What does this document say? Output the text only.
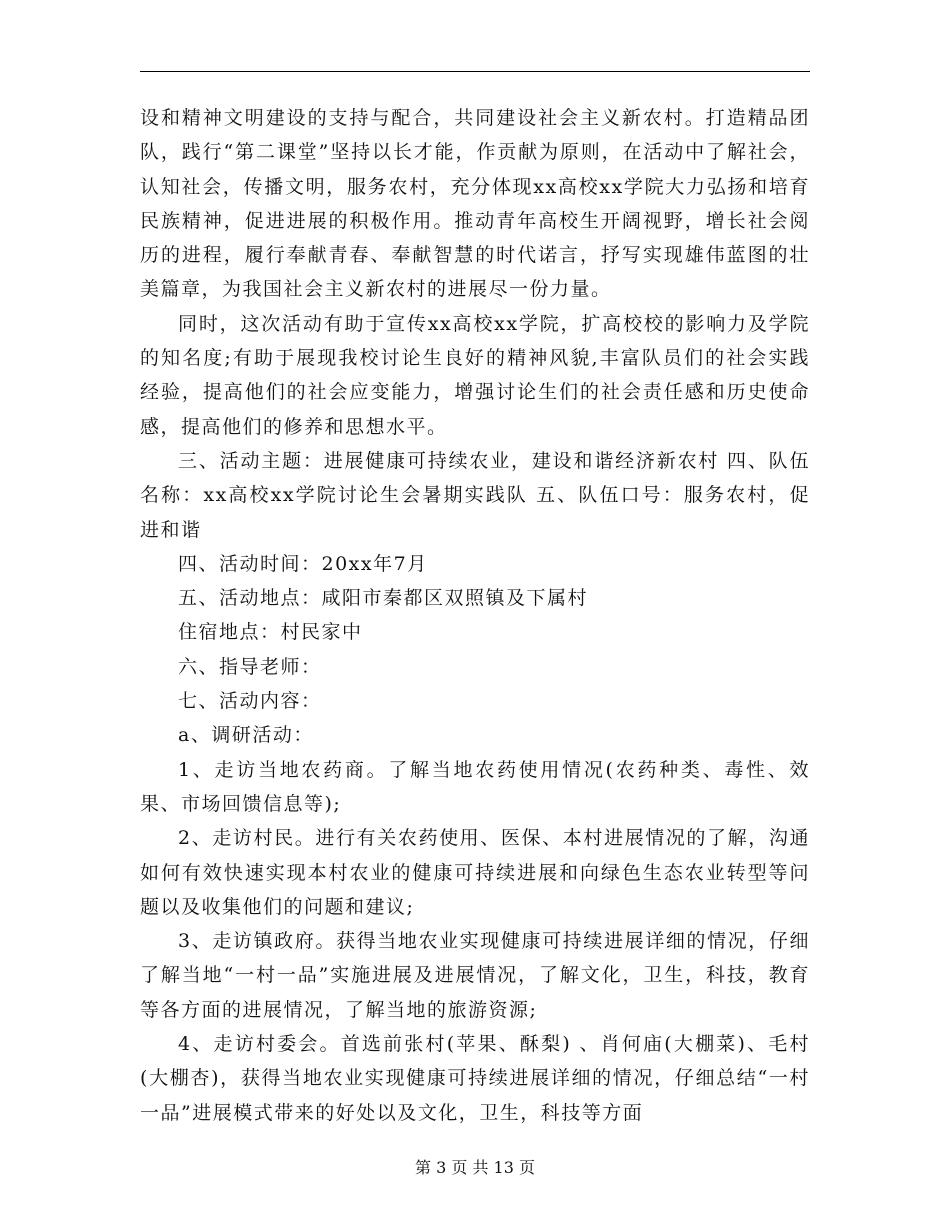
设和精神文明建设的支持与配合，共同建设社会主义新农村。打造精品团队，践行“第二课堂”坚持以长才能，作贡献为原则，在活动中了解社会，认知社会，传播文明，服务农村，充分体现xx高校xx学院大力弘扬和培育民族精神，促进进展的积极作用。推动青年高校生开阔视野，增长社会阅历的进程，履行奉献青春、奉献智慧的时代诺言，抒写实现雄伟蓝图的壮美篇章，为我国社会主义新农村的进展尽一份力量。

同时，这次活动有助于宣传xx高校xx学院，扩高校校的影响力及学院的知名度;有助于展现我校讨论生良好的精神风貌,丰富队员们的社会实践经验，提高他们的社会应变能力，增强讨论生们的社会责任感和历史使命感，提高他们的修养和思想水平。

三、活动主题：进展健康可持续农业，建设和谐经济新农村 四、队伍名称：xx高校xx学院讨论生会暑期实践队 五、队伍口号：服务农村，促进和谐

四、活动时间：20xx年7月

五、活动地点：咸阳市秦都区双照镇及下属村

住宿地点：村民家中

六、指导老师：

七、活动内容：

a、调研活动：

1、走访当地农药商。了解当地农药使用情况(农药种类、毒性、效果、市场回馈信息等);

2、走访村民。进行有关农药使用、医保、本村进展情况的了解，沟通如何有效快速实现本村农业的健康可持续进展和向绿色生态农业转型等问题以及收集他们的问题和建议;

3、走访镇政府。获得当地农业实现健康可持续进展详细的情况，仔细了解当地“一村一品”实施进展及进展情况，了解文化，卫生，科技，教育等各方面的进展情况，了解当地的旅游资源;

4、走访村委会。首选前张村(苹果、酥梨) 、肖何庙(大棚菜)、毛村(大棚杏)，获得当地农业实现健康可持续进展详细的情况，仔细总结“一村一品”进展模式带来的好处以及文化，卫生，科技等方面

第 3 页 共 13 页
